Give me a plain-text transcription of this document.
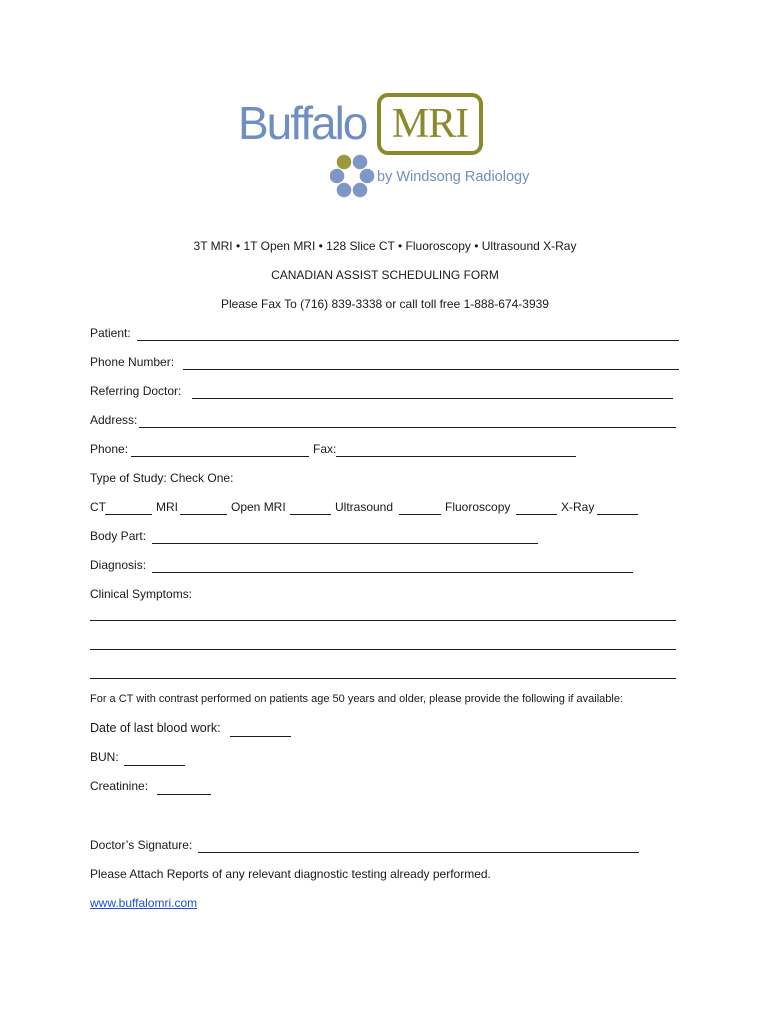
Buffalo MRI
by Windsong Radiology
3T MRI • 1T Open MRI • 128 Slice CT • Fluoroscopy • Ultrasound X-Ray
CANADIAN ASSIST SCHEDULING FORM
Please Fax To (716) 839-3338 or call toll free 1-888-674-3939
Patient:
Phone Number:
Referring Doctor:
Address:
Phone:	Fax:
Type of Study: Check One:
CT	MRI	Open MRI	Ultrasound	Fluoroscopy	X-Ray
Body Part:
Diagnosis:
Clinical Symptoms:
For a CT with contrast performed on patients age 50 years and older, please provide the following if available:
Date of last blood work:
BUN:
Creatinine:
Doctor’s Signature:
Please Attach Reports of any relevant diagnostic testing already performed.
www.buffalomri.com
